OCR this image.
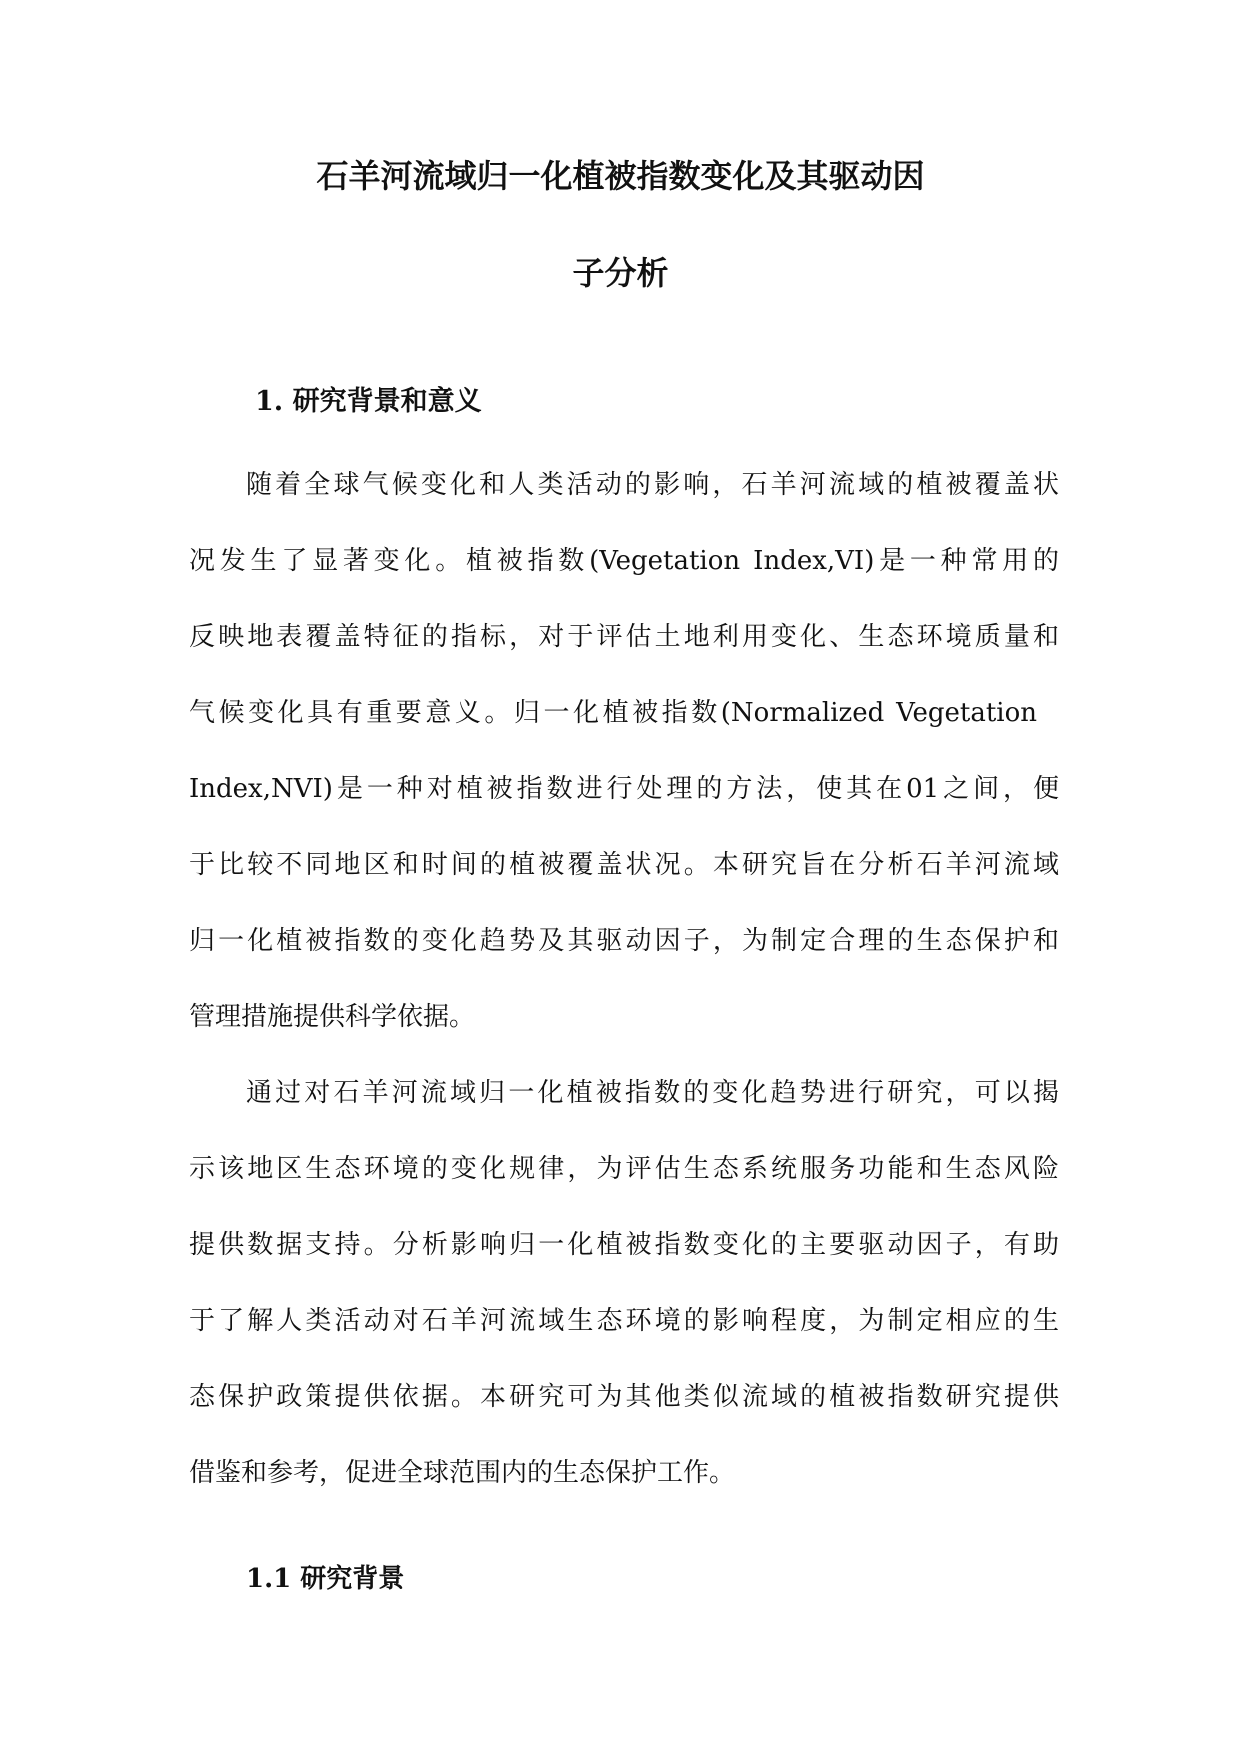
石羊河流域归一化植被指数变化及其驱动因
子分析
1. 研究背景和意义
随着全球气候变化和人类活动的影响，石羊河流域的植被覆盖状
况发生了显著变化。植被指数(Vegetation Index,VI)是一种常用的
反映地表覆盖特征的指标，对于评估土地利用变化、生态环境质量和
气候变化具有重要意义。归一化植被指数(Normalized Vegetation
Index,NVI)是一种对植被指数进行处理的方法，使其在01之间，便
于比较不同地区和时间的植被覆盖状况。本研究旨在分析石羊河流域
归一化植被指数的变化趋势及其驱动因子，为制定合理的生态保护和
管理措施提供科学依据。
通过对石羊河流域归一化植被指数的变化趋势进行研究，可以揭
示该地区生态环境的变化规律，为评估生态系统服务功能和生态风险
提供数据支持。分析影响归一化植被指数变化的主要驱动因子，有助
于了解人类活动对石羊河流域生态环境的影响程度，为制定相应的生
态保护政策提供依据。本研究可为其他类似流域的植被指数研究提供
借鉴和参考，促进全球范围内的生态保护工作。
1.1 研究背景
